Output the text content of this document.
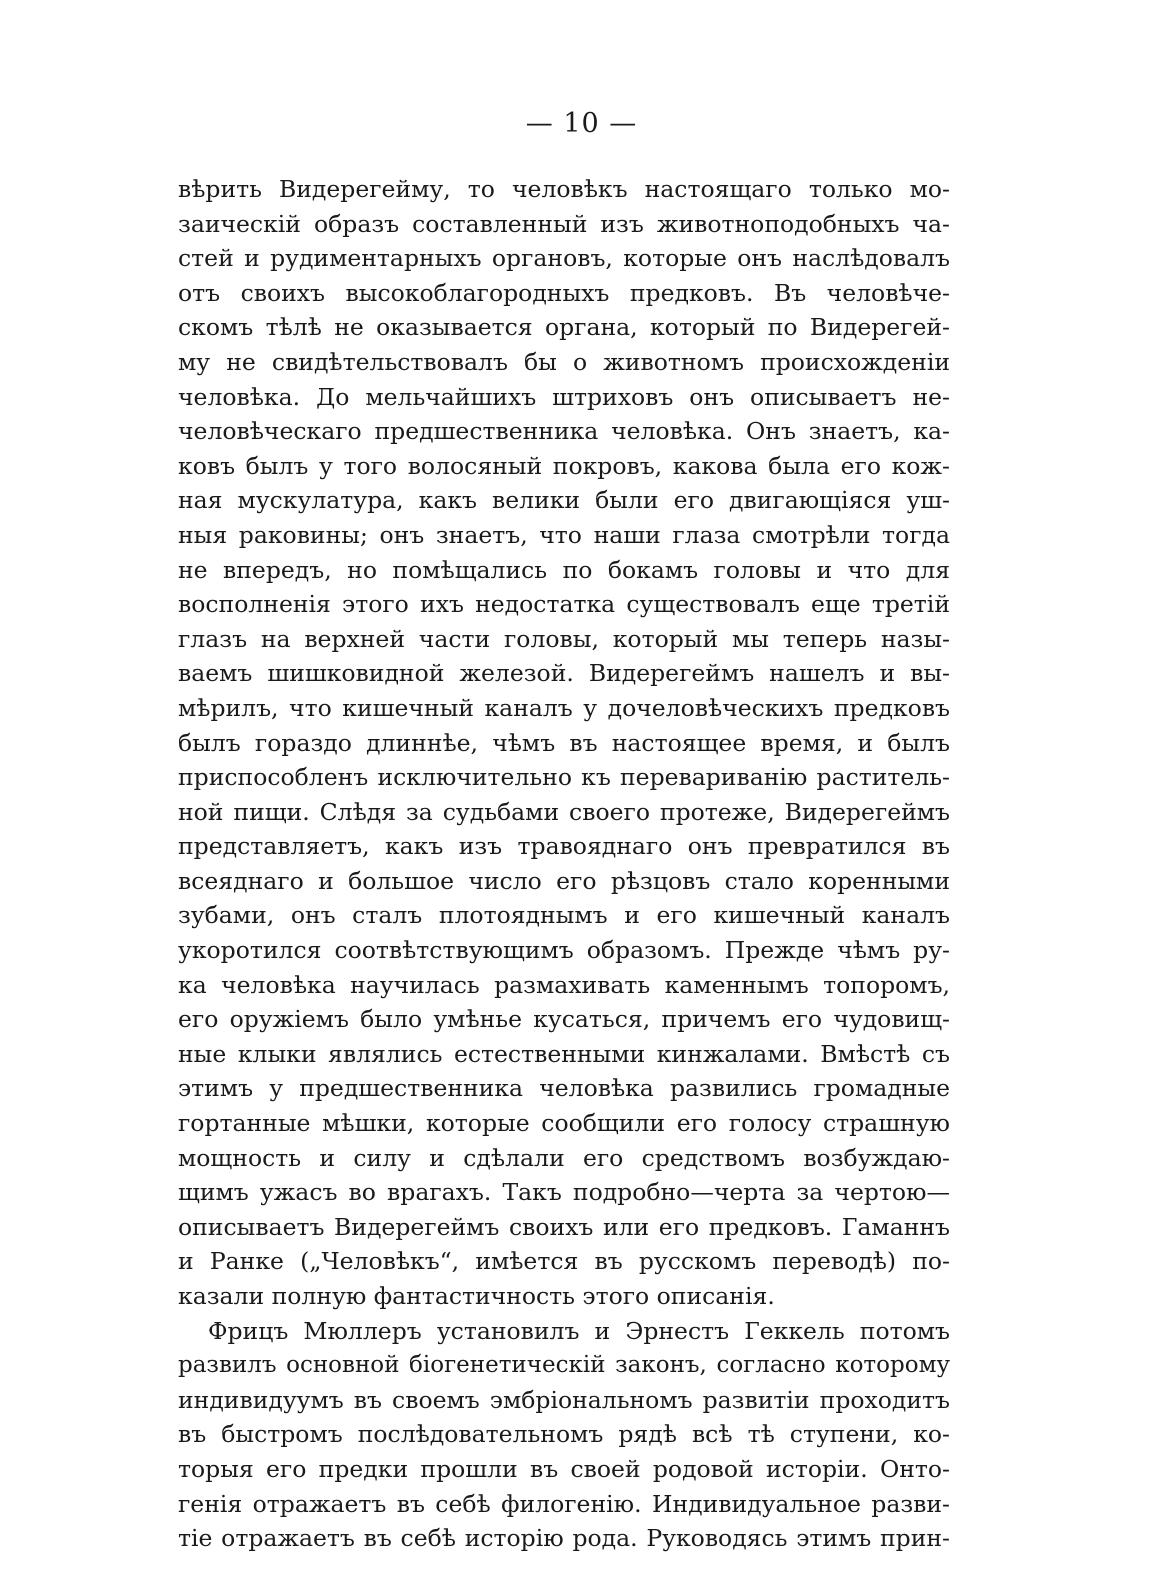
— 10 —
вѣрить Видерегейму, то человѣкъ настоящаго только мо-
заическiй образъ составленный изъ животноподобныхъ ча-
стей и рудиментарныхъ органовъ, которые онъ наслѣдовалъ
отъ своихъ высокоблагородныхъ предковъ. Въ человѣче-
скомъ тѣлѣ не оказывается органа, который по Видерегей-
му не свидѣтельствовалъ бы о животномъ происхожденiи
человѣка. До мельчайшихъ штриховъ онъ описываетъ не-
человѣческаго предшественника человѣка. Онъ знаетъ, ка-
ковъ былъ у того волосяный покровъ, какова была его кож-
ная мускулатура, какъ велики были его двигающiяся уш-
ныя раковины; онъ знаетъ, что наши глаза смотрѣли тогда
не впередъ, но помѣщались по бокамъ головы и что для
восполненiя этого ихъ недостатка существовалъ еще третiй
глазъ на верхней части головы, который мы теперь назы-
ваемъ шишковидной железой. Видерегеймъ нашелъ и вы-
мѣрилъ, что кишечный каналъ у дочеловѣческихъ предковъ
былъ гораздо длиннѣе, чѣмъ въ настоящее время, и былъ
приспособленъ исключительно къ перевариванiю раститель-
ной пищи. Слѣдя за судьбами своего протеже, Видерегеймъ
представляетъ, какъ изъ травояднаго онъ превратился въ
всеяднаго и большое число его рѣзцовъ стало коренными
зубами, онъ сталъ плотояднымъ и его кишечный каналъ
укоротился соотвѣтствующимъ образомъ. Прежде чѣмъ ру-
ка человѣка научилась размахивать каменнымъ топоромъ,
его оружiемъ было умѣнье кусаться, причемъ его чудовищ-
ные клыки являлись естественными кинжалами. Вмѣстѣ съ
этимъ у предшественника человѣка развились громадные
гортанные мѣшки, которые сообщили его голосу страшную
мощность и силу и сдѣлали его средствомъ возбуждаю-
щимъ ужасъ во врагахъ. Такъ подробно—черта за чертою—
описываетъ Видерегеймъ своихъ или его предковъ. Гаманнъ
и Ранке („Человѣкъ“, имѣется въ русскомъ переводѣ) по-
казали полную фантастичность этого описанiя.
Фрицъ Мюллеръ установилъ и Эрнестъ Геккель потомъ
развилъ основной бiогенетическiй законъ, согласно которому
индивидуумъ въ своемъ эмбрiональномъ развитiи проходитъ
въ быстромъ послѣдовательномъ рядѣ всѣ тѣ ступени, ко-
торыя его предки прошли въ своей родовой исторiи. Онто-
генiя отражаетъ въ себѣ филогенiю. Индивидуальное разви-
тiе отражаетъ въ себѣ исторiю рода. Руководясь этимъ прин-
